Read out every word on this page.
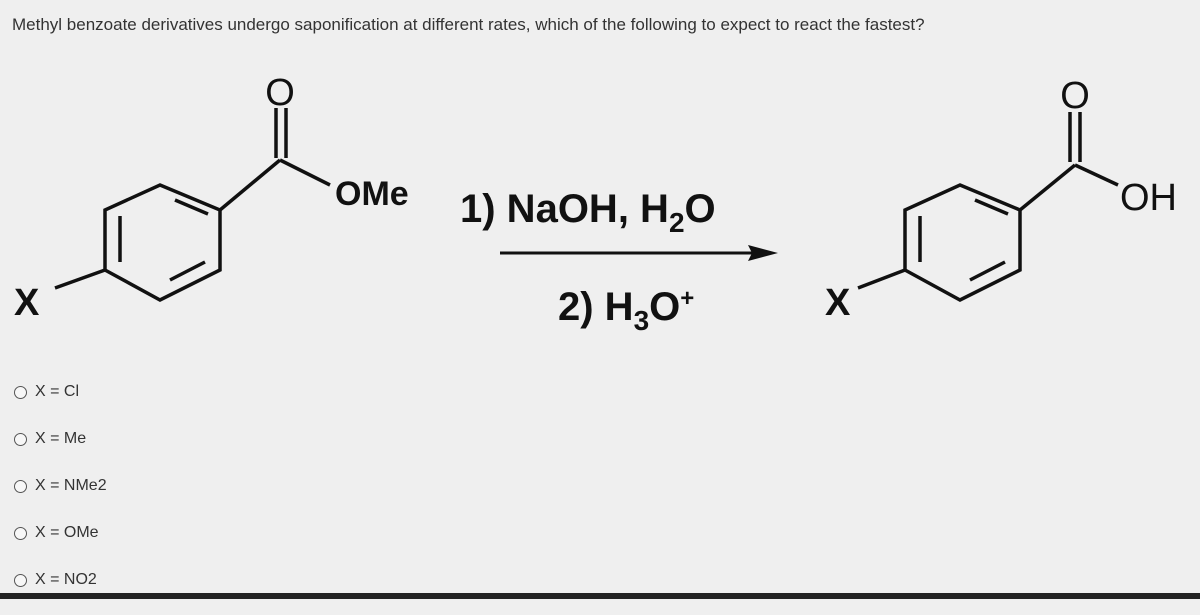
Methyl benzoate derivatives undergo saponification at different rates, which of the following to expect to react the fastest?
O
OMe
X
1) NaOH, $H_2O$
2) $H_3O^+$
O
OH
X
X = Cl
X = Me
X = NMe2
X = OMe
X = NO2
